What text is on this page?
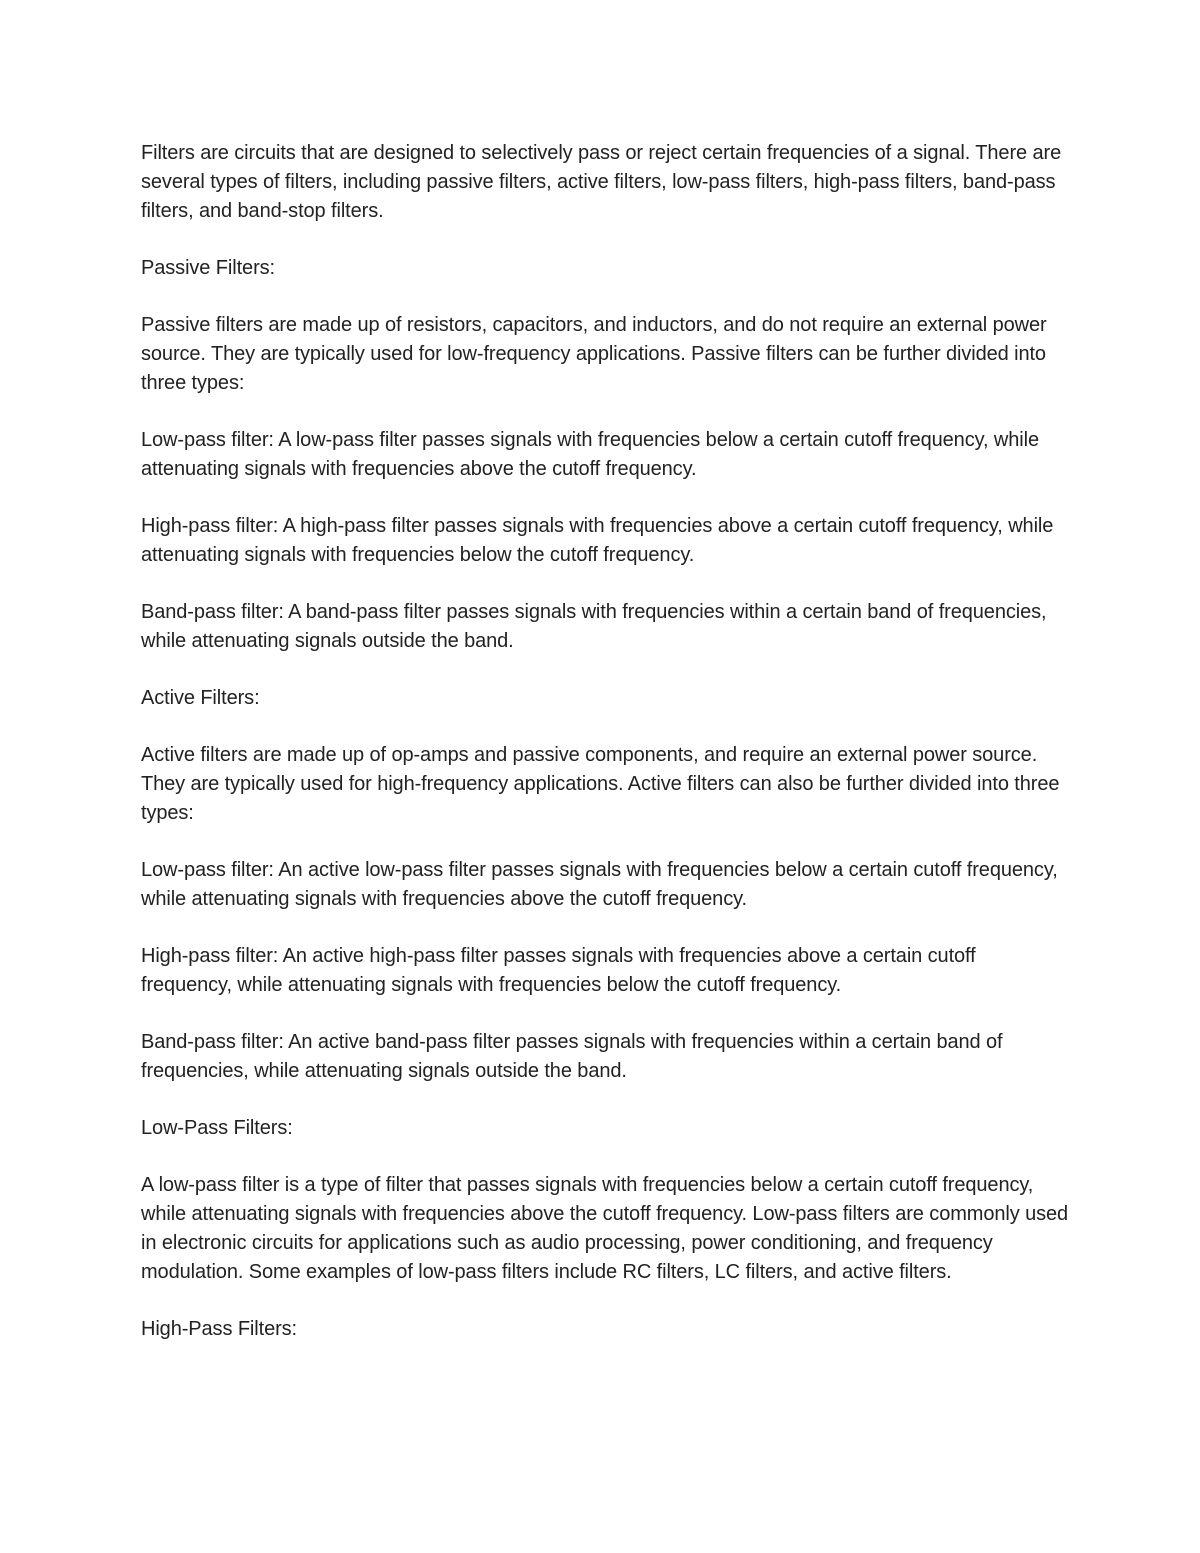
Filters are circuits that are designed to selectively pass or reject certain frequencies of a signal. There are several types of filters, including passive filters, active filters, low-pass filters, high-pass filters, band-pass filters, and band-stop filters.

Passive Filters:

Passive filters are made up of resistors, capacitors, and inductors, and do not require an external power source. They are typically used for low-frequency applications. Passive filters can be further divided into three types:

Low-pass filter: A low-pass filter passes signals with frequencies below a certain cutoff frequency, while attenuating signals with frequencies above the cutoff frequency.

High-pass filter: A high-pass filter passes signals with frequencies above a certain cutoff frequency, while attenuating signals with frequencies below the cutoff frequency.

Band-pass filter: A band-pass filter passes signals with frequencies within a certain band of frequencies, while attenuating signals outside the band.

Active Filters:

Active filters are made up of op-amps and passive components, and require an external power source. They are typically used for high-frequency applications. Active filters can also be further divided into three types:

Low-pass filter: An active low-pass filter passes signals with frequencies below a certain cutoff frequency, while attenuating signals with frequencies above the cutoff frequency.

High-pass filter: An active high-pass filter passes signals with frequencies above a certain cutoff frequency, while attenuating signals with frequencies below the cutoff frequency.

Band-pass filter: An active band-pass filter passes signals with frequencies within a certain band of frequencies, while attenuating signals outside the band.

Low-Pass Filters:

A low-pass filter is a type of filter that passes signals with frequencies below a certain cutoff frequency, while attenuating signals with frequencies above the cutoff frequency. Low-pass filters are commonly used in electronic circuits for applications such as audio processing, power conditioning, and frequency modulation. Some examples of low-pass filters include RC filters, LC filters, and active filters.

High-Pass Filters:
